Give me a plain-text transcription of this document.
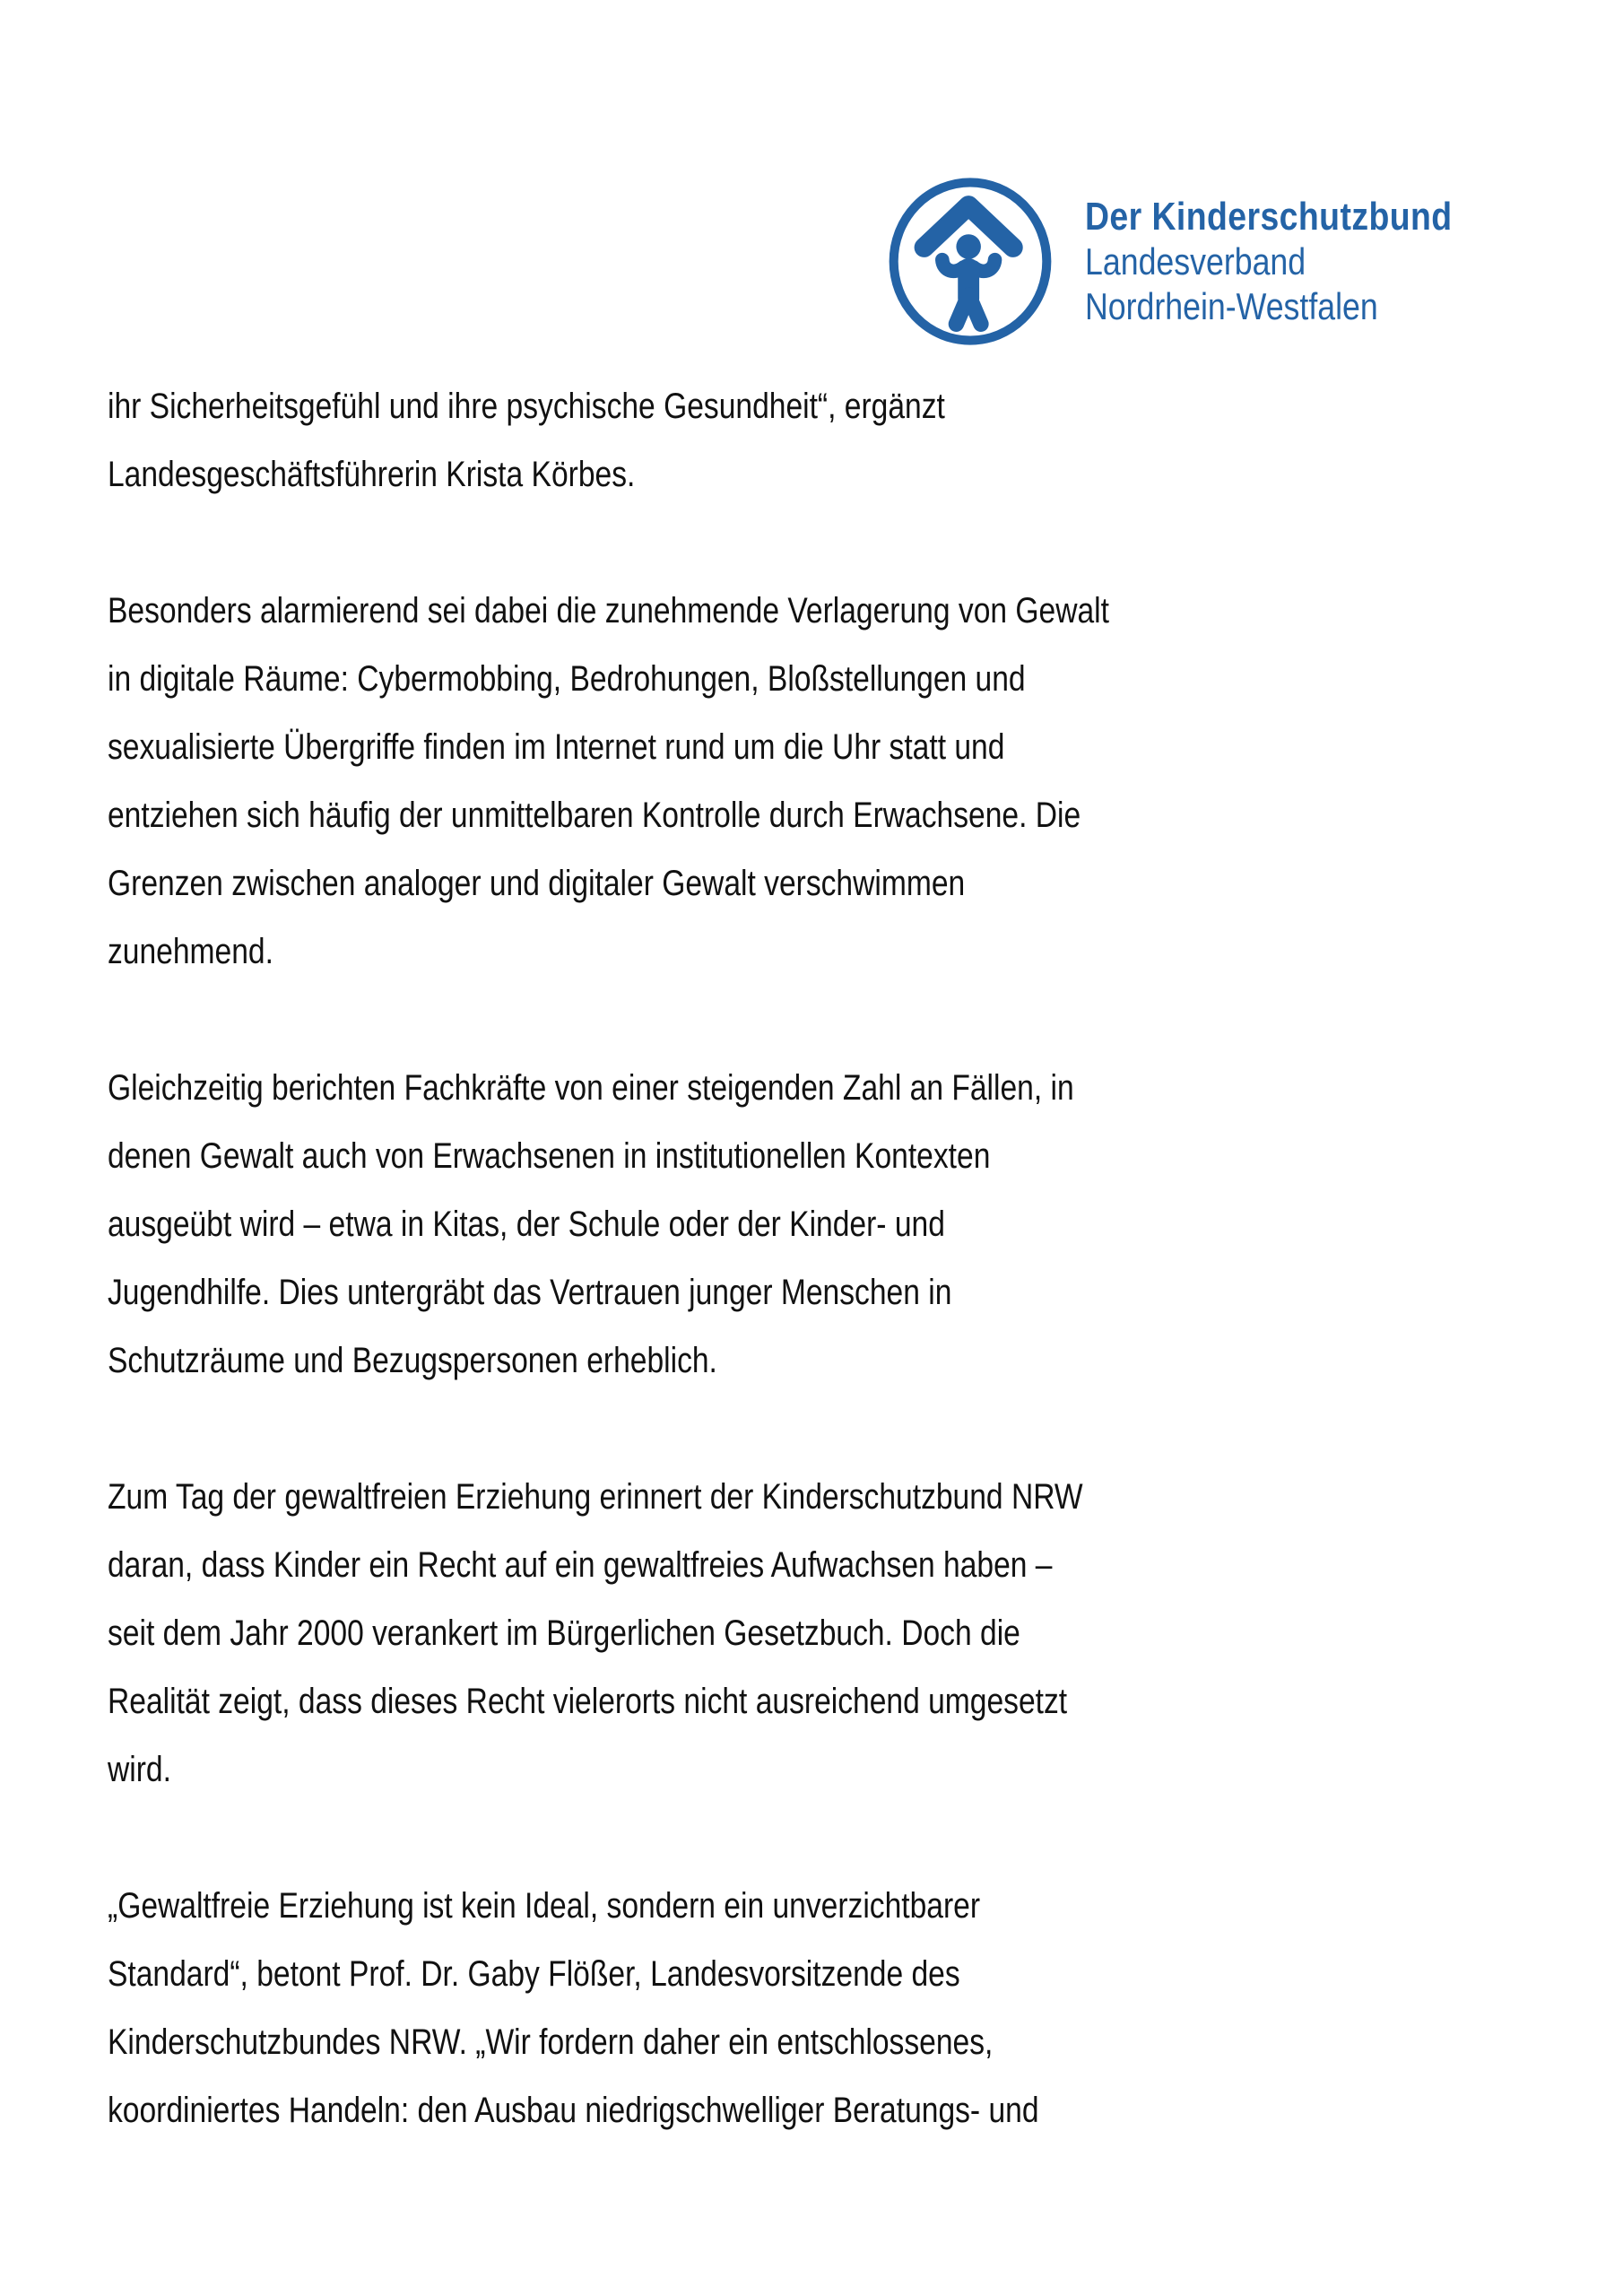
Der Kinderschutzbund
Landesverband
Nordrhein-Westfalen
ihr Sicherheitsgefühl und ihre psychische Gesundheit“, ergänzt
Landesgeschäftsführerin Krista Körbes.
Besonders alarmierend sei dabei die zunehmende Verlagerung von Gewalt
in digitale Räume: Cybermobbing, Bedrohungen, Bloßstellungen und
sexualisierte Übergriffe finden im Internet rund um die Uhr statt und
entziehen sich häufig der unmittelbaren Kontrolle durch Erwachsene. Die
Grenzen zwischen analoger und digitaler Gewalt verschwimmen
zunehmend.
Gleichzeitig berichten Fachkräfte von einer steigenden Zahl an Fällen, in
denen Gewalt auch von Erwachsenen in institutionellen Kontexten
ausgeübt wird – etwa in Kitas, der Schule oder der Kinder- und
Jugendhilfe. Dies untergräbt das Vertrauen junger Menschen in
Schutzräume und Bezugspersonen erheblich.
Zum Tag der gewaltfreien Erziehung erinnert der Kinderschutzbund NRW
daran, dass Kinder ein Recht auf ein gewaltfreies Aufwachsen haben –
seit dem Jahr 2000 verankert im Bürgerlichen Gesetzbuch. Doch die
Realität zeigt, dass dieses Recht vielerorts nicht ausreichend umgesetzt
wird.
„Gewaltfreie Erziehung ist kein Ideal, sondern ein unverzichtbarer
Standard“, betont Prof. Dr. Gaby Flößer, Landesvorsitzende des
Kinderschutzbundes NRW. „Wir fordern daher ein entschlossenes,
koordiniertes Handeln: den Ausbau niedrigschwelliger Beratungs- und
